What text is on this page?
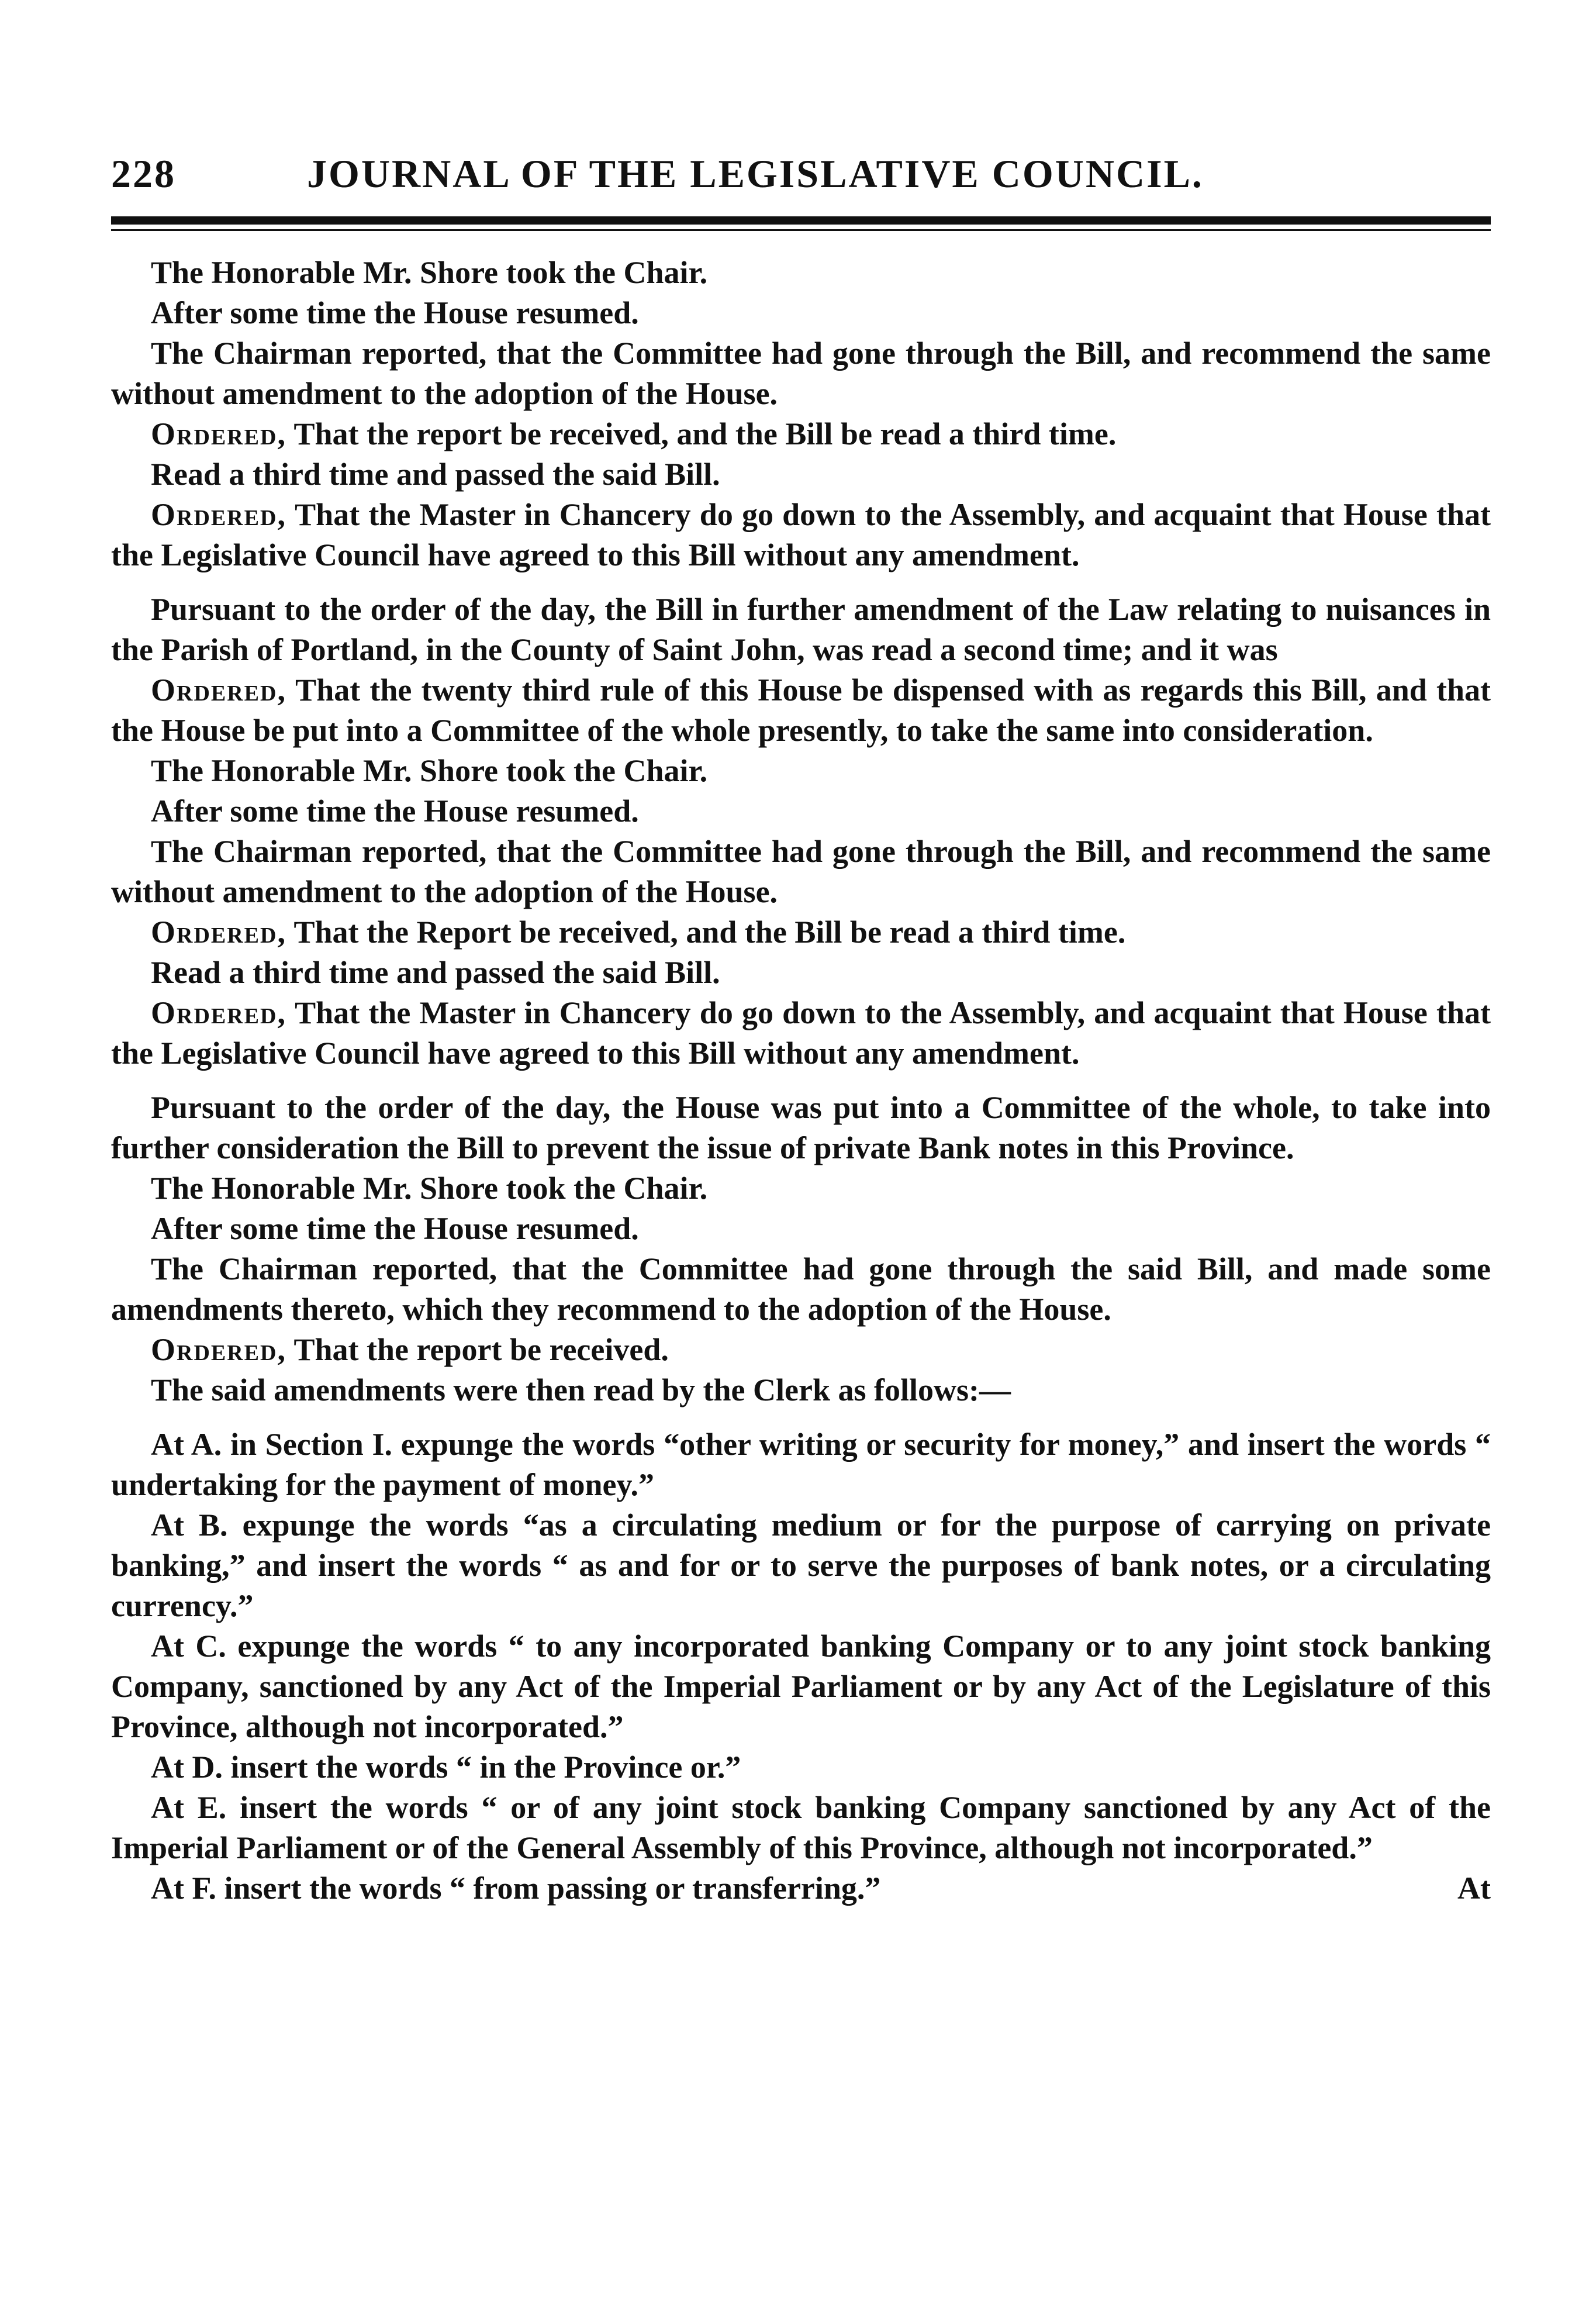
228	JOURNAL OF THE LEGISLATIVE COUNCIL.

The Honorable Mr. Shore took the Chair.

After some time the House resumed.

The Chairman reported, that the Committee had gone through the Bill, and recommend the same without amendment to the adoption of the House.

Ordered, That the report be received, and the Bill be read a third time.

Read a third time and passed the said Bill.

Ordered, That the Master in Chancery do go down to the Assembly, and acquaint that House that the Legislative Council have agreed to this Bill without any amendment.

Pursuant to the order of the day, the Bill in further amendment of the Law relating to nuisances in the Parish of Portland, in the County of Saint John, was read a second time; and it was

Ordered, That the twenty third rule of this House be dispensed with as regards this Bill, and that the House be put into a Committee of the whole presently, to take the same into consideration.

The Honorable Mr. Shore took the Chair.

After some time the House resumed.

The Chairman reported, that the Committee had gone through the Bill, and recommend the same without amendment to the adoption of the House.

Ordered, That the Report be received, and the Bill be read a third time.

Read a third time and passed the said Bill.

Ordered, That the Master in Chancery do go down to the Assembly, and acquaint that House that the Legislative Council have agreed to this Bill without any amendment.

Pursuant to the order of the day, the House was put into a Committee of the whole, to take into further consideration the Bill to prevent the issue of private Bank notes in this Province.

The Honorable Mr. Shore took the Chair.

After some time the House resumed.

The Chairman reported, that the Committee had gone through the said Bill, and made some amendments thereto, which they recommend to the adoption of the House.

Ordered, That the report be received.

The said amendments were then read by the Clerk as follows:—

At A. in Section I. expunge the words “other writing or security for money,” and insert the words “ undertaking for the payment of money.”

At B. expunge the words “as a circulating medium or for the purpose of carrying on private banking,” and insert the words “ as and for or to serve the purposes of bank notes, or a circulating currency.”

At C. expunge the words “ to any incorporated banking Company or to any joint stock banking Company, sanctioned by any Act of the Imperial Parliament or by any Act of the Legislature of this Province, although not incorporated.”

At D. insert the words “ in the Province or.”

At E. insert the words “ or of any joint stock banking Company sanctioned by any Act of the Imperial Parliament or of the General Assembly of this Province, although not incorporated.”

At F. insert the words “ from passing or transferring.”	At
